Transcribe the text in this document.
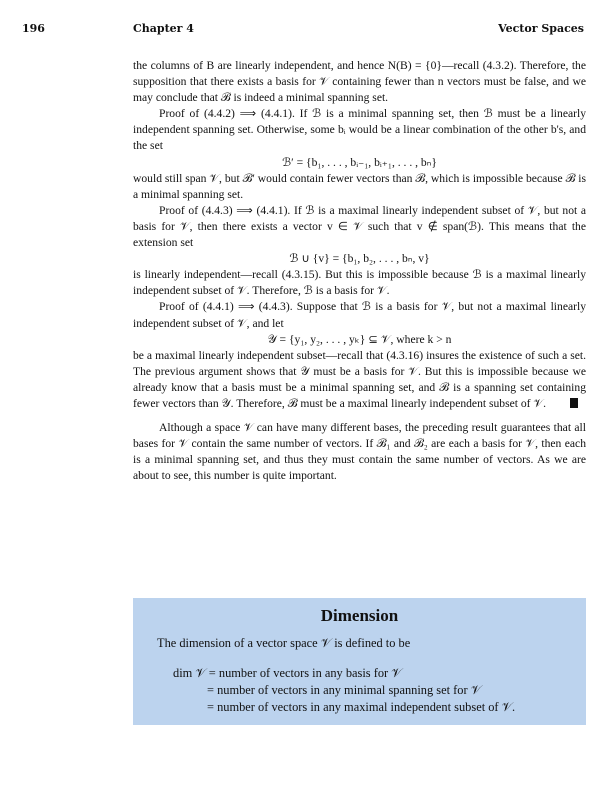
196	Chapter 4	Vector Spaces

the columns of B are linearly independent, and hence N(B) = {0}—recall (4.3.2). Therefore, the supposition that there exists a basis for 𝒱 containing fewer than n vectors must be false, and we may conclude that ℬ is indeed a minimal spanning set.

Proof of (4.4.2) ⟹ (4.4.1). If ℬ is a minimal spanning set, then ℬ must be a linearly independent spanning set. Otherwise, some bᵢ would be a linear combination of the other b's, and the set

ℬ′ = {b₁, . . . , bᵢ₋₁, bᵢ₊₁, . . . , bₙ}

would still span 𝒱, but ℬ′ would contain fewer vectors than ℬ, which is impossible because ℬ is a minimal spanning set.

Proof of (4.4.3) ⟹ (4.4.1). If ℬ is a maximal linearly independent subset of 𝒱, but not a basis for 𝒱, then there exists a vector v ∈ 𝒱 such that v ∉ span(ℬ). This means that the extension set

ℬ ∪ {v} = {b₁, b₂, . . . , bₙ, v}

is linearly independent—recall (4.3.15). But this is impossible because ℬ is a maximal linearly independent subset of 𝒱. Therefore, ℬ is a basis for 𝒱.

Proof of (4.4.1) ⟹ (4.4.3). Suppose that ℬ is a basis for 𝒱, but not a maximal linearly independent subset of 𝒱, and let

𝒴 = {y₁, y₂, . . . , yₖ} ⊆ 𝒱, where k > n

be a maximal linearly independent subset—recall that (4.3.16) insures the existence of such a set. The previous argument shows that 𝒴 must be a basis for 𝒱. But this is impossible because we already know that a basis must be a minimal spanning set, and ℬ is a spanning set containing fewer vectors than 𝒴. Therefore, ℬ must be a maximal linearly independent subset of 𝒱.

Although a space 𝒱 can have many different bases, the preceding result guarantees that all bases for 𝒱 contain the same number of vectors. If ℬ₁ and ℬ₂ are each a basis for 𝒱, then each is a minimal spanning set, and thus they must contain the same number of vectors. As we are about to see, this number is quite important.

Dimension
The dimension of a vector space 𝒱 is defined to be
dim 𝒱 = number of vectors in any basis for 𝒱
= number of vectors in any minimal spanning set for 𝒱
= number of vectors in any maximal independent subset of 𝒱.
